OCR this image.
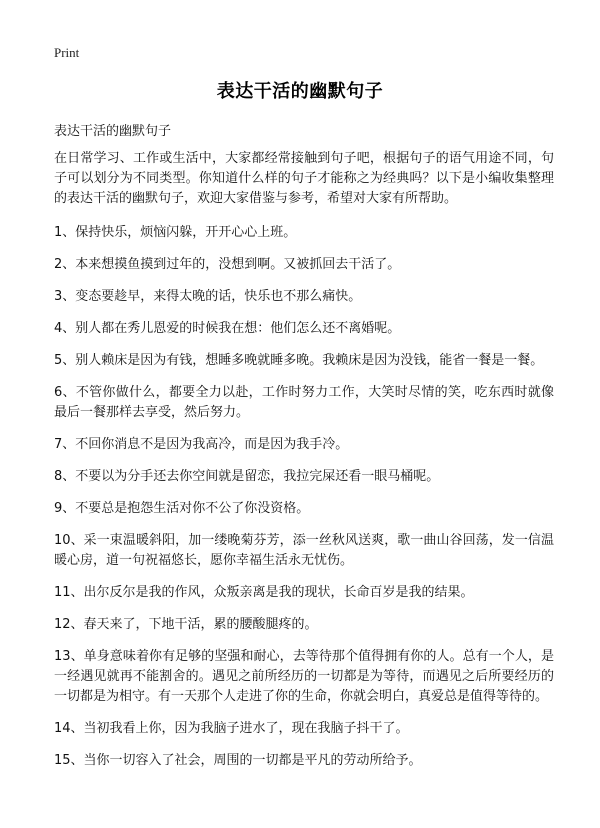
Print
表达干活的幽默句子
表达干活的幽默句子

在日常学习、工作或生活中，大家都经常接触到句子吧，根据句子的语气用途不同，句子可以划分为不同类型。你知道什么样的句子才能称之为经典吗？以下是小编收集整理的表达干活的幽默句子，欢迎大家借鉴与参考，希望对大家有所帮助。

1、保持快乐，烦恼闪躲，开开心心上班。

2、本来想摸鱼摸到过年的，没想到啊。又被抓回去干活了。

3、变态要趁早，来得太晚的话，快乐也不那么痛快。

4、别人都在秀儿恩爱的时候我在想：他们怎么还不离婚呢。

5、别人赖床是因为有钱，想睡多晚就睡多晚。我赖床是因为没钱，能省一餐是一餐。

6、不管你做什么，都要全力以赴，工作时努力工作，大笑时尽情的笑，吃东西时就像最后一餐那样去享受，然后努力。

7、不回你消息不是因为我高冷，而是因为我手冷。

8、不要以为分手还去你空间就是留恋，我拉完屎还看一眼马桶呢。

9、不要总是抱怨生活对你不公了你没资格。

10、采一束温暖斜阳，加一缕晚菊芬芳，添一丝秋风送爽，歌一曲山谷回荡，发一信温暖心房，道一句祝福悠长，愿你幸福生活永无忧伤。

11、出尔反尔是我的作风，众叛亲离是我的现状，长命百岁是我的结果。

12、春天来了，下地干活，累的腰酸腿疼的。

13、单身意味着你有足够的坚强和耐心，去等待那个值得拥有你的人。总有一个人，是一经遇见就再不能割舍的。遇见之前所经历的一切都是为等待，而遇见之后所要经历的一切都是为相守。有一天那个人走进了你的生命，你就会明白，真爱总是值得等待的。

14、当初我看上你，因为我脑子进水了，现在我脑子抖干了。

15、当你一切容入了社会，周围的一切都是平凡的劳动所给予。
